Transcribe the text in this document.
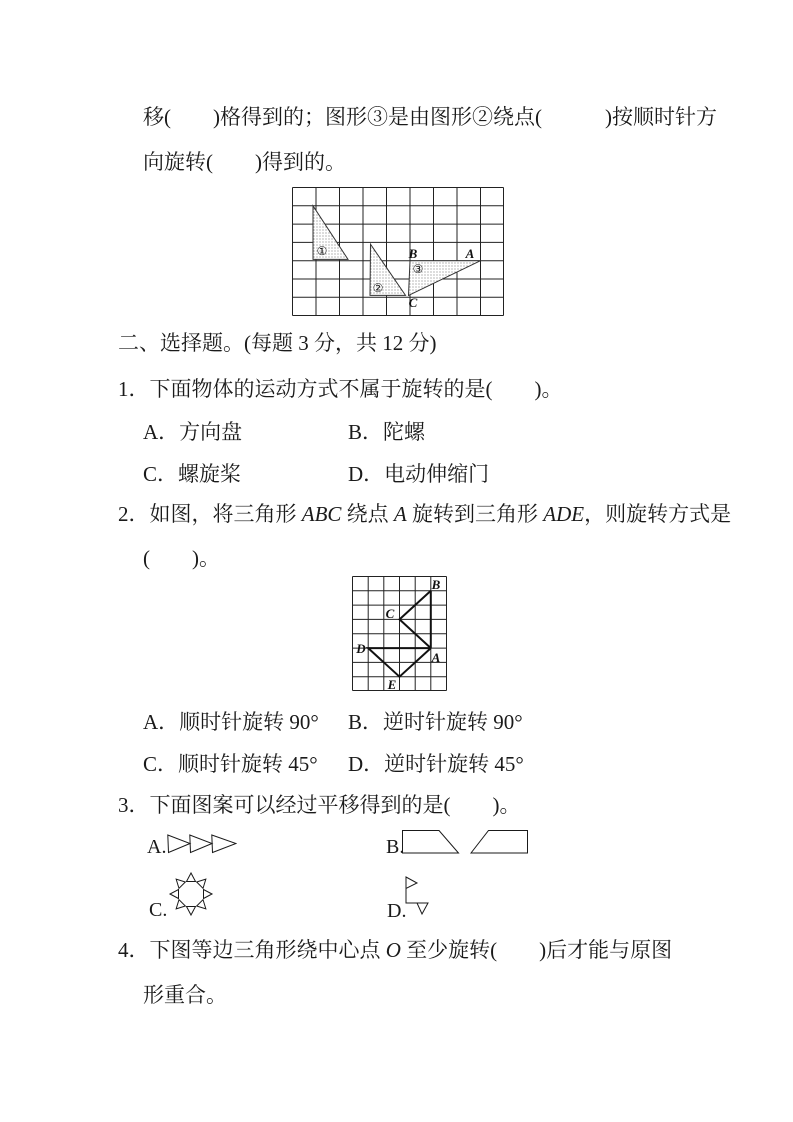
移(　　)格得到的；图形③是由图形②绕点(　　　)按顺时针方
向旋转(　　)得到的。
①
②
③
B	A
C
二、选择题。(每题 3 分，共 12 分)
1．下面物体的运动方式不属于旋转的是(　　)。
A．方向盘	B．陀螺
C．螺旋桨	D．电动伸缩门
2．如图，将三角形 ABC 绕点 A 旋转到三角形 ADE，则旋转方式是
(　　)。
B
C
D
A
E
A．顺时针旋转 90° B．逆时针旋转 90°
C．顺时针旋转 45° D．逆时针旋转 45°
3．下面图案可以经过平移得到的是(　　)。
A.	B.
C.	D.
4．下图等边三角形绕中心点 O 至少旋转(　　)后才能与原图
形重合。
